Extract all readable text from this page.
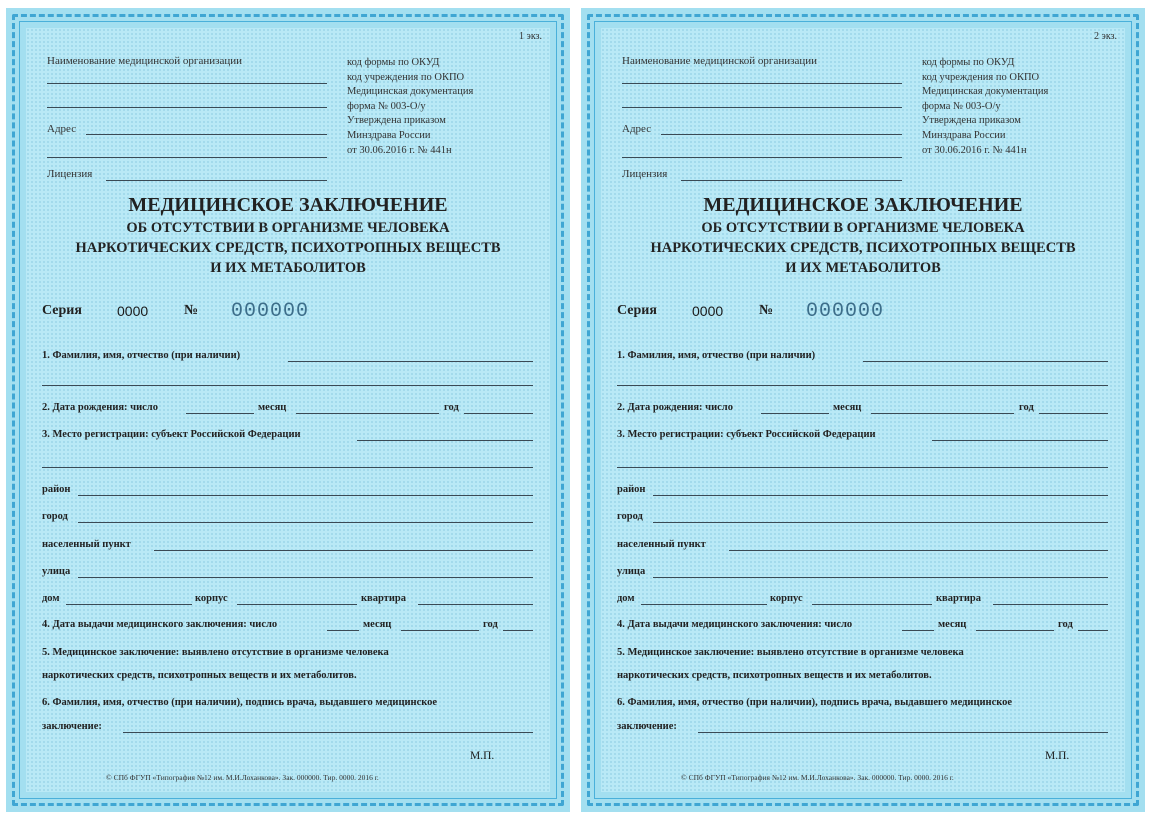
1 экз.
Наименование медицинской организации
Адрес
Лицензия
код формы по ОКУД
код учреждения по ОКПО
Медицинская документация
форма № 003-О/у
Утверждена приказом
Минздрава России
от 30.06.2016 г. № 441н
МЕДИЦИНСКОЕ ЗАКЛЮЧЕНИЕ
ОБ ОТСУТСТВИИ В ОРГАНИЗМЕ ЧЕЛОВЕКА
НАРКОТИЧЕСКИХ СРЕДСТВ, ПСИХОТРОПНЫХ ВЕЩЕСТВ
И ИХ МЕТАБОЛИТОВ
Серия	0000	№ 000000
1. Фамилия, имя, отчество (при наличии)
2. Дата рождения: число	месяц	год
3. Место регистрации: субъект Российской Федерации
район
город
населенный пункт
улица
дом	корпус	квартира
4. Дата выдачи медицинского заключения: число	месяц	год
5. Медицинское заключение: выявлено отсутствие в организме человека
наркотических средств, психотропных веществ и их метаболитов.
6. Фамилия, имя, отчество (при наличии), подпись врача, выдавшего медицинское
заключение:
М.П.
© СПб ФГУП «Типография №12 им. М.И.Лоханкова». Зак. 000000. Тир. 0000. 2016 г.
2 экз.
Наименование медицинской организации
Адрес
Лицензия
код формы по ОКУД
код учреждения по ОКПО
Медицинская документация
форма № 003-О/у
Утверждена приказом
Минздрава России
от 30.06.2016 г. № 441н
МЕДИЦИНСКОЕ ЗАКЛЮЧЕНИЕ
ОБ ОТСУТСТВИИ В ОРГАНИЗМЕ ЧЕЛОВЕКА
НАРКОТИЧЕСКИХ СРЕДСТВ, ПСИХОТРОПНЫХ ВЕЩЕСТВ
И ИХ МЕТАБОЛИТОВ
Серия	0000	№ 000000
1. Фамилия, имя, отчество (при наличии)
2. Дата рождения: число	месяц	год
3. Место регистрации: субъект Российской Федерации
район
город
населенный пункт
улица
дом	корпус	квартира
4. Дата выдачи медицинского заключения: число	месяц	год
5. Медицинское заключение: выявлено отсутствие в организме человека
наркотических средств, психотропных веществ и их метаболитов.
6. Фамилия, имя, отчество (при наличии), подпись врача, выдавшего медицинское
заключение:
М.П.
© СПб ФГУП «Типография №12 им. М.И.Лоханкова». Зак. 000000. Тир. 0000. 2016 г.
